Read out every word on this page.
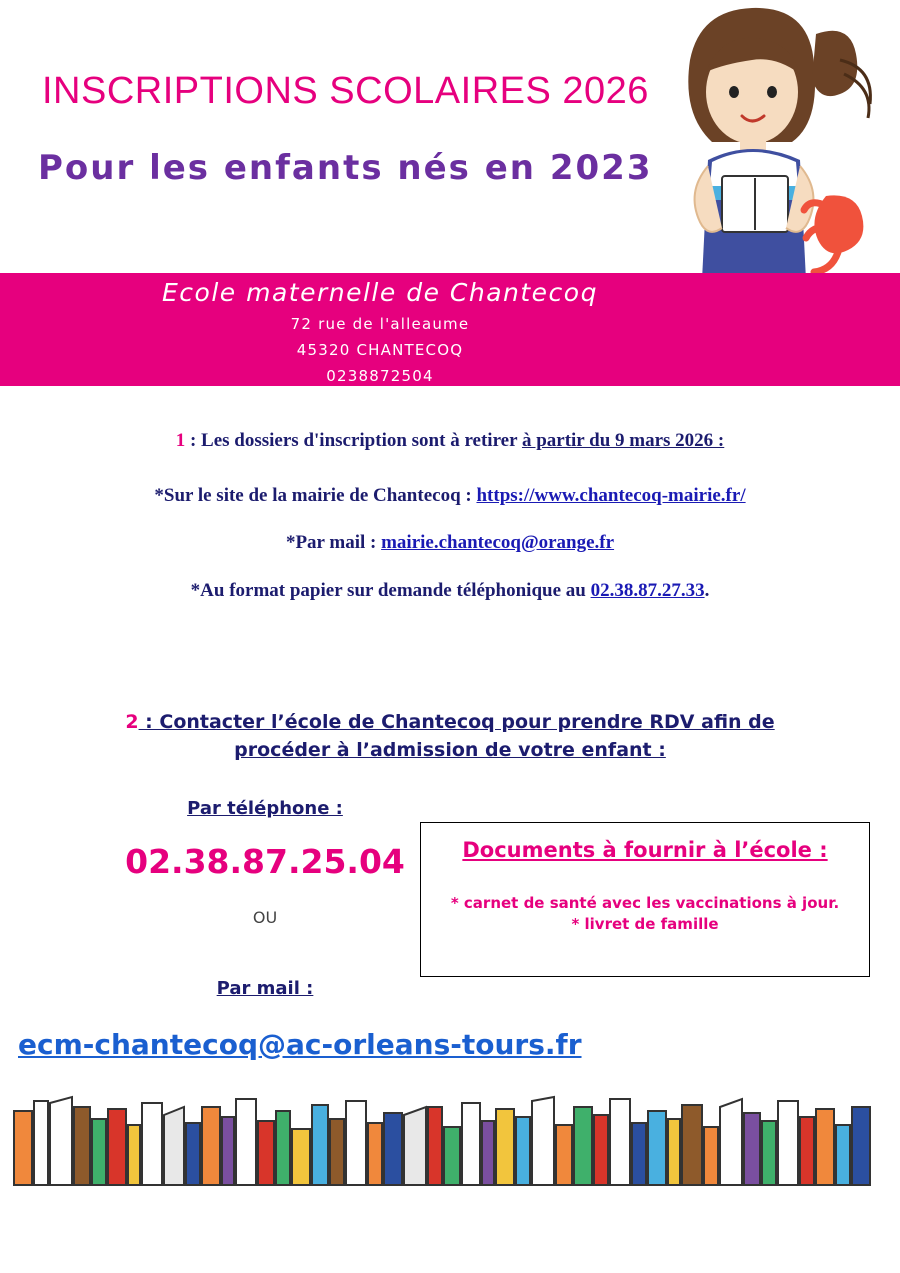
INSCRIPTIONS SCOLAIRES 2026
Pour les enfants nés en 2023
Ecole maternelle de Chantecoq
72 rue de l'alleaume
45320 CHANTECOQ
0238872504
1 : Les dossiers d'inscription sont à retirer à partir du 9 mars 2026 :
*Sur le site de la mairie de Chantecoq : https://www.chantecoq-mairie.fr/
*Par mail : mairie.chantecoq@orange.fr
*Au format papier sur demande téléphonique au 02.38.87.27.33.
2 : Contacter l’école de Chantecoq pour prendre RDV afin de procéder à l’admission de votre enfant :
Par téléphone :
02.38.87.25.04
OU
Par mail :
ecm-chantecoq@ac-orleans-tours.fr
Documents à fournir à l’école :
* carnet de santé avec les vaccinations à jour.
* livret de famille
